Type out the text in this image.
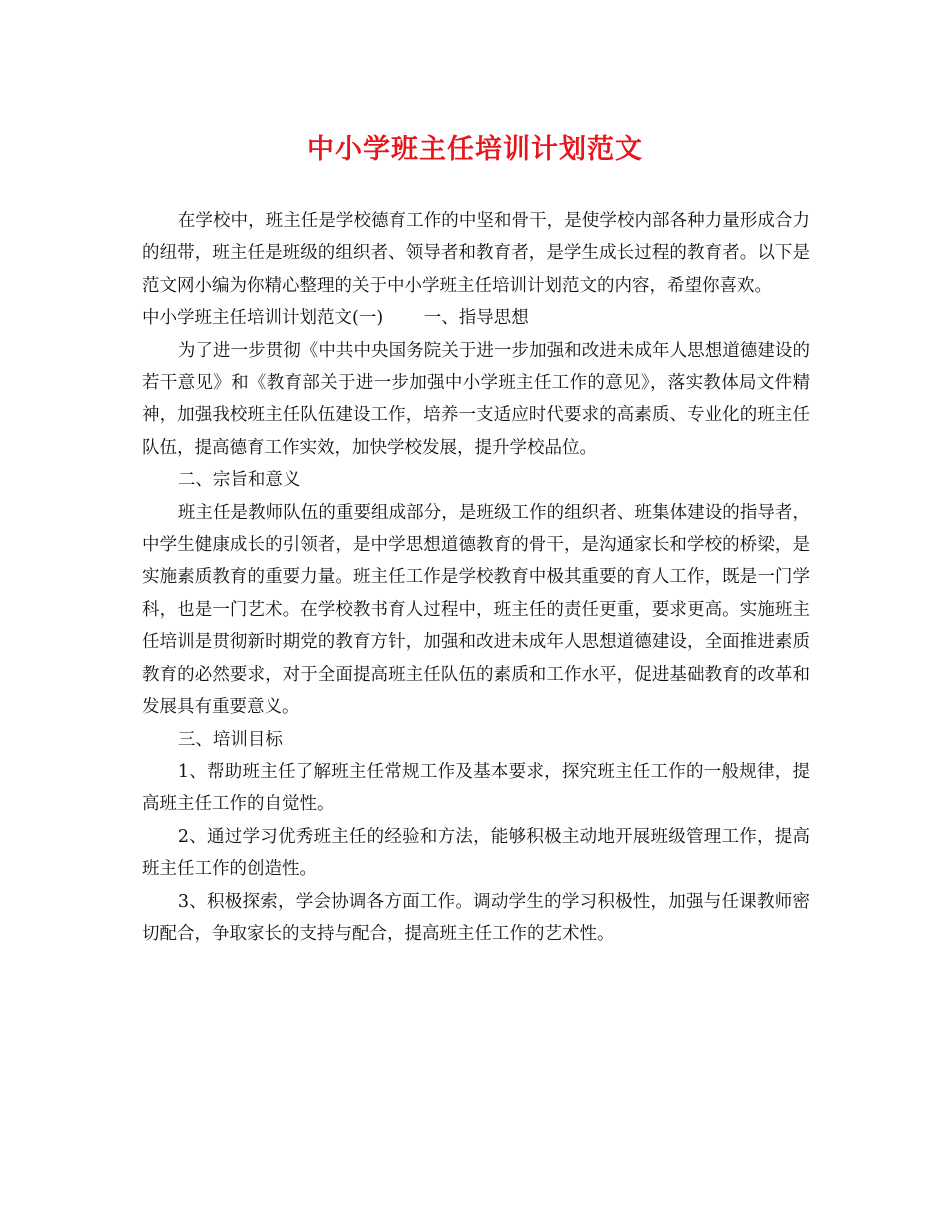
中小学班主任培训计划范文

在学校中，班主任是学校德育工作的中坚和骨干，是使学校内部各种力量形成合力的纽带，班主任是班级的组织者、领导者和教育者，是学生成长过程的教育者。以下是范文网小编为你精心整理的关于中小学班主任培训计划范文的内容，希望你喜欢。

中小学班主任培训计划范文(一)　　 一、指导思想

为了进一步贯彻《中共中央国务院关于进一步加强和改进未成年人思想道德建设的若干意见》和《教育部关于进一步加强中小学班主任工作的意见》，落实教体局文件精神，加强我校班主任队伍建设工作，培养一支适应时代要求的高素质、专业化的班主任队伍，提高德育工作实效，加快学校发展，提升学校品位。

二、宗旨和意义

班主任是教师队伍的重要组成部分，是班级工作的组织者、班集体建设的指导者，中学生健康成长的引领者，是中学思想道德教育的骨干，是沟通家长和学校的桥梁，是实施素质教育的重要力量。班主任工作是学校教育中极其重要的育人工作，既是一门学科，也是一门艺术。在学校教书育人过程中，班主任的责任更重，要求更高。实施班主任培训是贯彻新时期党的教育方针，加强和改进未成年人思想道德建设，全面推进素质教育的必然要求，对于全面提高班主任队伍的素质和工作水平，促进基础教育的改革和发展具有重要意义。

三、培训目标

1、帮助班主任了解班主任常规工作及基本要求，探究班主任工作的一般规律，提高班主任工作的自觉性。

2、通过学习优秀班主任的经验和方法，能够积极主动地开展班级管理工作，提高班主任工作的创造性。

3、积极探索，学会协调各方面工作。调动学生的学习积极性，加强与任课教师密切配合，争取家长的支持与配合，提高班主任工作的艺术性。
